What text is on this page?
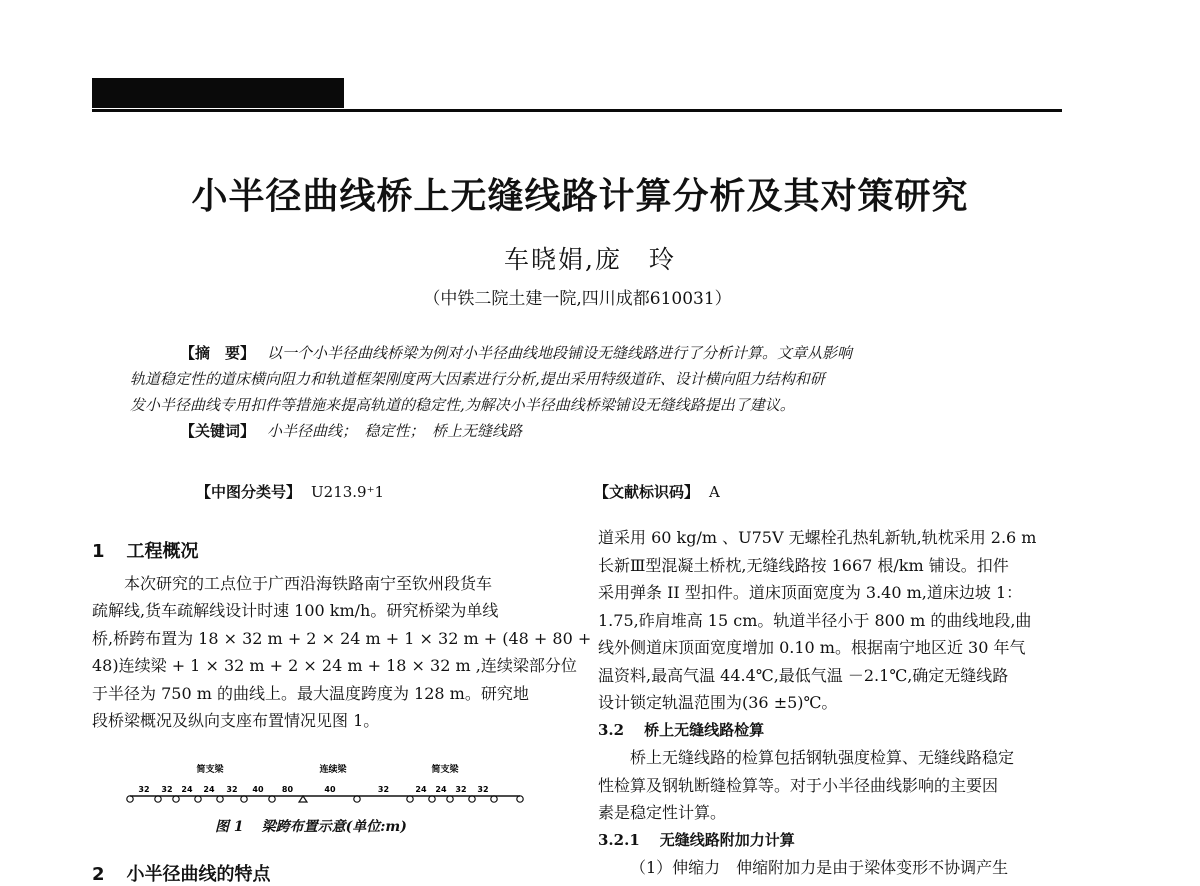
小半径曲线桥上无缝线路计算分析及其对策研究
车晓娟,庞　玲
（中铁二院土建一院,四川成都610031）
【摘　要】 以一个小半径曲线桥梁为例对小半径曲线地段铺设无缝线路进行了分析计算。文章从影响
轨道稳定性的道床横向阻力和轨道框架刚度两大因素进行分析,提出采用特级道砟、设计横向阻力结构和研
发小半径曲线专用扣件等措施来提高轨道的稳定性,为解决小半径曲线桥梁铺设无缝线路提出了建议。
【关键词】 小半径曲线；　稳定性；　桥上无缝线路
【中图分类号】 U213.9⁺1	【文献标识码】 A
1 工程概况
本次研究的工点位于广西沿海铁路南宁至钦州段货车
疏解线,货车疏解线设计时速 100 km/h。研究桥梁为单线
桥,桥跨布置为 18 × 32 m + 2 × 24 m + 1 × 32 m + (48 + 80 +
48)连续梁 + 1 × 32 m + 2 × 24 m + 18 × 32 m ,连续梁部分位
于半径为 750 m 的曲线上。最大温度跨度为 128 m。研究地
段桥梁概况及纵向支座布置情况见图 1。
32 32 24 24 32 40 80	40	32	24 24 32 32
简支梁	连续梁	简支梁
图 1 梁跨布置示意(单位:m)
2 小半径曲线的特点
道采用 60 kg/m 、U75V 无螺栓孔热轧新轨,轨枕采用 2.6 m
长新Ⅲ型混凝土桥枕,无缝线路按 1667 根/km 铺设。扣件
采用弹条 II 型扣件。道床顶面宽度为 3.40 m,道床边坡 1：
1.75,砟肩堆高 15 cm。轨道半径小于 800 m 的曲线地段,曲
线外侧道床顶面宽度增加 0.10 m。根据南宁地区近 30 年气
温资料,最高气温 44.4℃,最低气温 －2.1℃,确定无缝线路
设计锁定轨温范围为(36 ±5)℃。
3.2 桥上无缝线路检算
桥上无缝线路的检算包括钢轨强度检算、无缝线路稳定
性检算及钢轨断缝检算等。对于小半径曲线影响的主要因
素是稳定性计算。
3.2.1 无缝线路附加力计算
（1）伸缩力　伸缩附加力是由于梁体变形不协调产生
